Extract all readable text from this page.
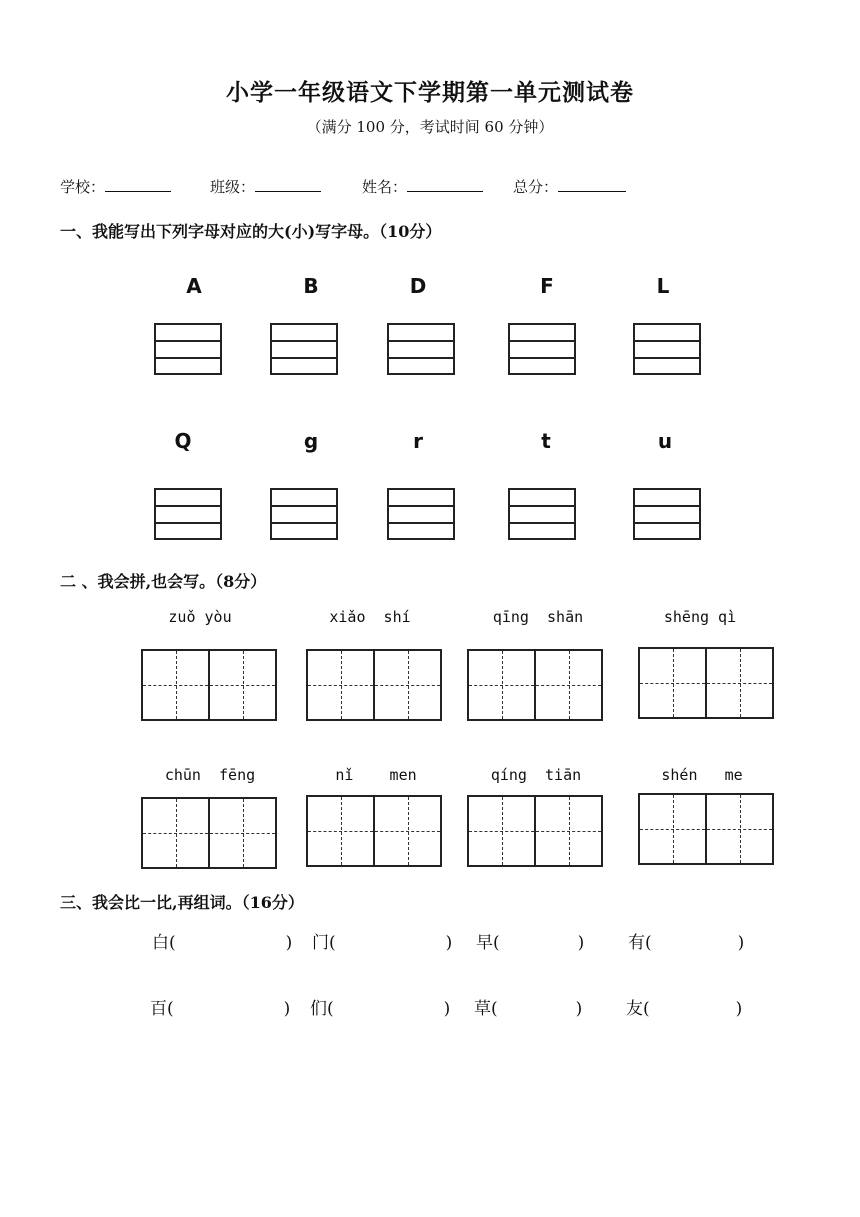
小学一年级语文下学期第一单元测试卷
（满分 100 分，考试时间 60 分钟）
学校：	班级：	姓名：	总分：
一、我能写出下列字母对应的大(小)写字母。（10分）
A	B	D	F	L
Q	g	r	t	u
二 、我会拼,也会写。（8分）
zuǒ yòu	xiǎo  shí	qīng  shān	shēng qì
chūn  fēng	nǐ    men	qíng  tiān	shén   me
三、我会比一比,再组词。（16分）
白(	) 门(	) 早(	)	有(	)
百(	) 们(	) 草(	)	友(	)
